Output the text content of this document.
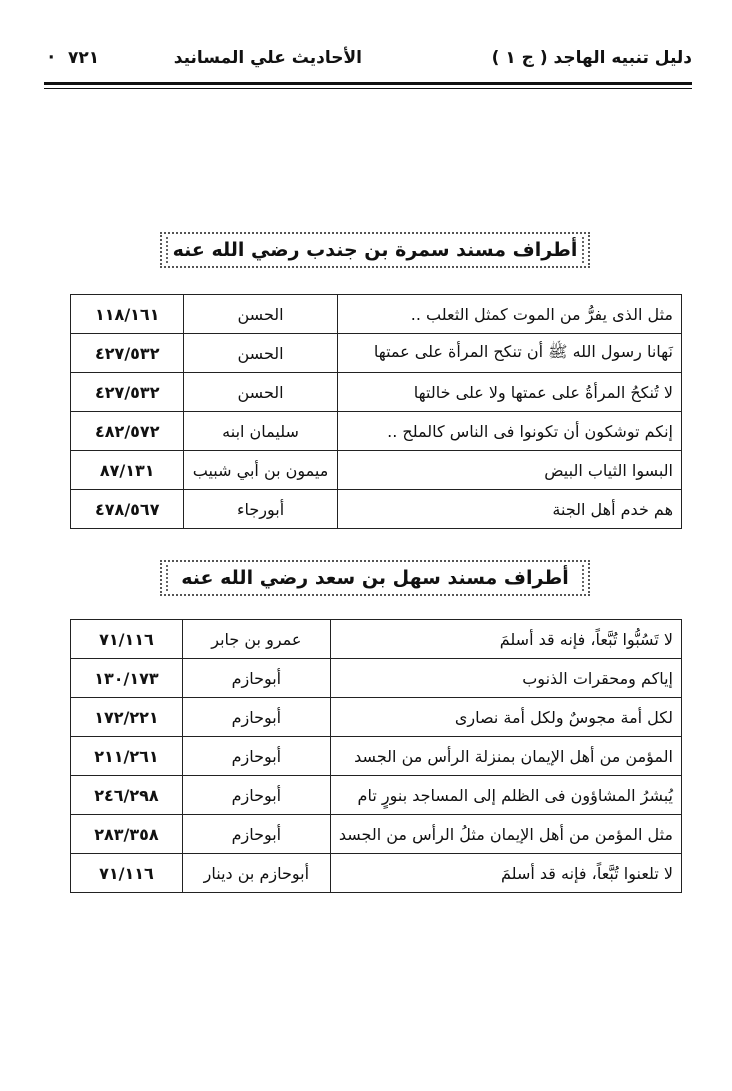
دليل تنبيه الهاجد ( ج ١ )
الأحاديث علي المسانيد
٧٢١
·
أطراف مسند سمرة بن جندب رضي الله عنه
مثل الذى يفرُّ من الموت كمثل الثعلب ..	الحسن	١١٨/١٦١
نَهانا رسول الله ﷺ أن تنكح المرأة على عمتها	الحسن	٤٢٧/٥٣٢
لا تُنكحُ المرأةُ على عمتها ولا على خالتها	الحسن	٤٢٧/٥٣٢
إنكم توشكون أن تكونوا فى الناس كالملح ..	سليمان ابنه	٤٨٢/٥٧٢
البسوا الثياب البيض	ميمون بن أبي شبيب	٨٧/١٣١
هم خدم أهل الجنة	أبورجاء	٤٧٨/٥٦٧
أطراف مسند سهل بن سعد رضي الله عنه
لا تَسُبُّوا تُبَّعاً، فإنه قد أسلمَ	عمرو بن جابر	٧١/١١٦
إياكم ومحقرات الذنوب	أبوحازم	١٣٠/١٧٣
لكل أمة مجوسٌ ولكل أمة نصارى	أبوحازم	١٧٢/٢٢١
المؤمن من أهل الإيمان بمنزلة الرأس من الجسد	أبوحازم	٢١١/٢٦١
يُبشرُ المشاؤون فى الظلم إلى المساجد بنورٍ تام	أبوحازم	٢٤٦/٢٩٨
مثل المؤمن من أهل الإيمان مثلُ الرأس من الجسد	أبوحازم	٢٨٣/٣٥٨
لا تلعنوا تُبَّعاً، فإنه قد أسلمَ	أبوحازم بن دينار	٧١/١١٦
